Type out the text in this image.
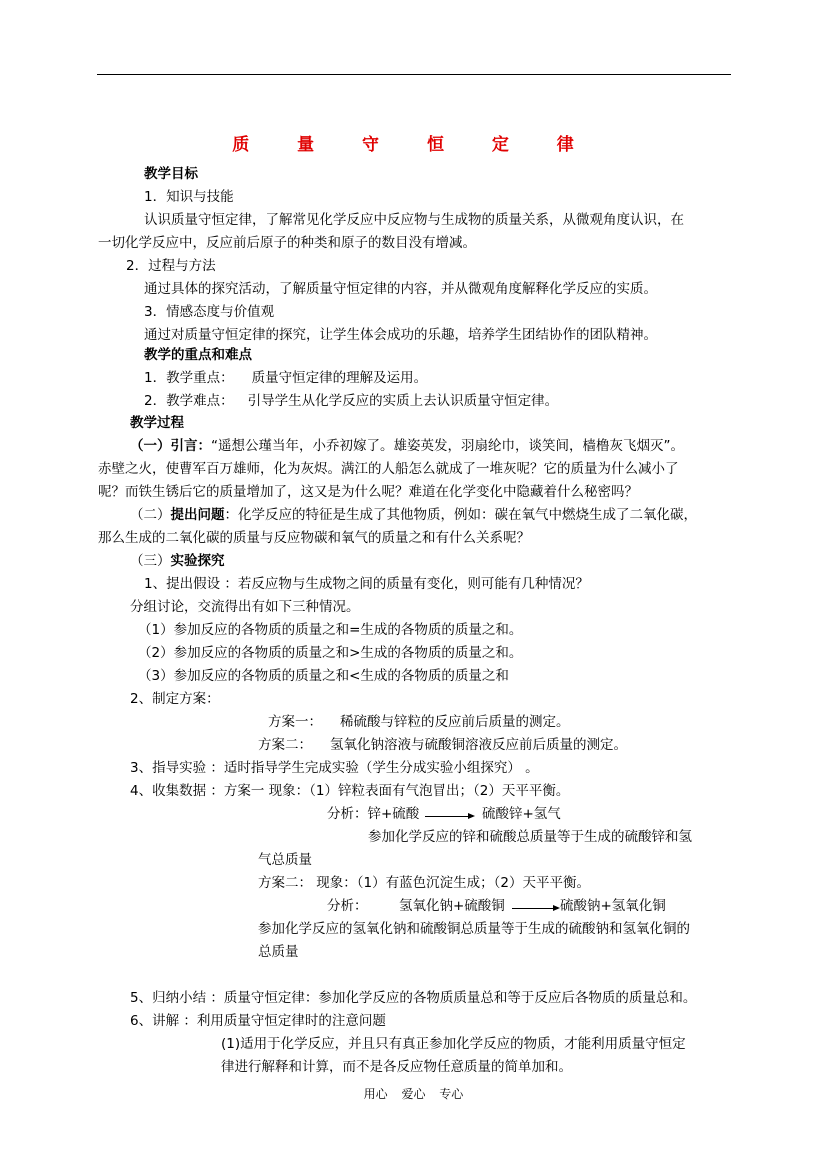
质 量 守 恒 定 律
教学目标
1．知识与技能
认识质量守恒定律，了解常见化学反应中反应物与生成物的质量关系，从微观角度认识，在
一切化学反应中，反应前后原子的种类和原子的数目没有增减。
2．过程与方法
通过具体的探究活动，了解质量守恒定律的内容，并从微观角度解释化学反应的实质。
3．情感态度与价值观
通过对质量守恒定律的探究，让学生体会成功的乐趣，培养学生团结协作的团队精神。
教学的重点和难点
1．教学重点： 质量守恒定律的理解及运用。
2．教学难点： 引导学生从化学反应的实质上去认识质量守恒定律。
教学过程
（一）引言：“遥想公瑾当年，小乔初嫁了。雄姿英发，羽扇纶巾，谈笑间，樯橹灰飞烟灭”。
赤壁之火，使曹军百万雄师，化为灰烬。满江的人船怎么就成了一堆灰呢？它的质量为什么减小了
呢？而铁生锈后它的质量增加了，这又是为什么呢？难道在化学变化中隐藏着什么秘密吗？
（二）提出问题：化学反应的特征是生成了其他物质，例如：碳在氧气中燃烧生成了二氧化碳，
那么生成的二氧化碳的质量与反应物碳和氧气的质量之和有什么关系呢？
（三）实验探究
1、提出假设 ：若反应物与生成物之间的质量有变化，则可能有几种情况？
分组讨论，交流得出有如下三种情况。
（1）参加反应的各物质的质量之和=生成的各物质的质量之和。
（2）参加反应的各物质的质量之和>生成的各物质的质量之和。
（3）参加反应的各物质的质量之和<生成的各物质的质量之和
2、制定方案：
方案一： 稀硫酸与锌粒的反应前后质量的测定。
方案二： 氢氧化钠溶液与硫酸铜溶液反应前后质量的测定。
3、指导实验 ：适时指导学生完成实验（学生分成实验小组探究） 。
4、收集数据 ：方案一 现象：（1）锌粒表面有气泡冒出；（2）天平平衡。
分析：锌+硫酸 → 硫酸锌+氢气
参加化学反应的锌和硫酸总质量等于生成的硫酸锌和氢
气总质量
方案二： 现象：（1）有蓝色沉淀生成；（2）天平平衡。
分析： 氢氧化钠+硫酸铜 → 硫酸钠+氢氧化铜
参加化学反应的氢氧化钠和硫酸铜总质量等于生成的硫酸钠和氢氧化铜的
总质量
5、归纳小结 ：质量守恒定律：参加化学反应的各物质质量总和等于反应后各物质的质量总和。
6、讲解 ：利用质量守恒定律时的注意问题
(1)适用于化学反应，并且只有真正参加化学反应的物质，才能利用质量守恒定
律进行解释和计算，而不是各反应物任意质量的简单加和。
用心 爱心 专心
